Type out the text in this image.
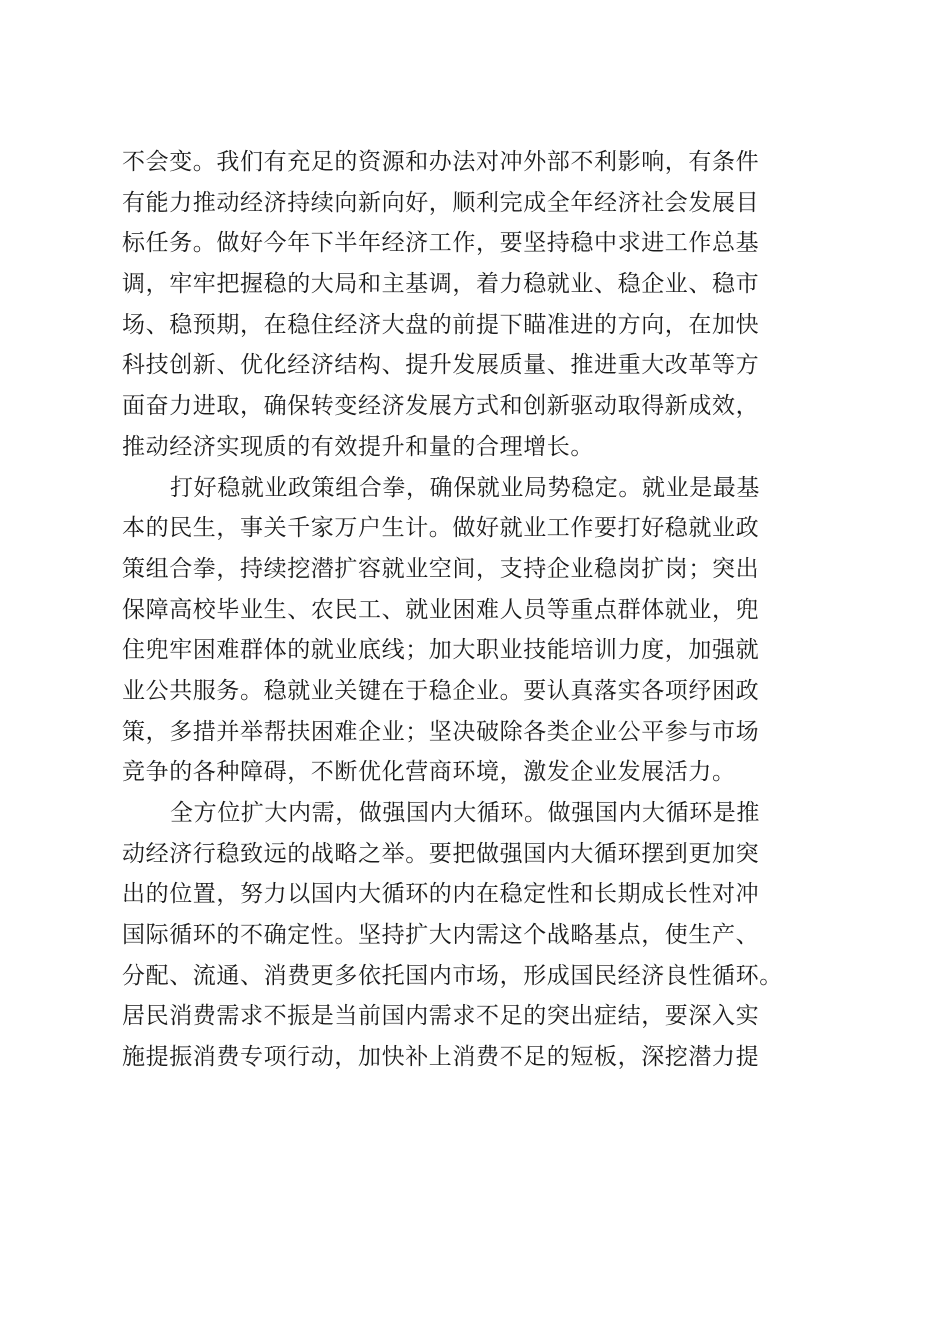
不会变。我们有充足的资源和办法对冲外部不利影响，有条件
有能力推动经济持续向新向好，顺利完成全年经济社会发展目
标任务。做好今年下半年经济工作，要坚持稳中求进工作总基
调，牢牢把握稳的大局和主基调，着力稳就业、稳企业、稳市
场、稳预期，在稳住经济大盘的前提下瞄准进的方向，在加快
科技创新、优化经济结构、提升发展质量、推进重大改革等方
面奋力进取，确保转变经济发展方式和创新驱动取得新成效，
推动经济实现质的有效提升和量的合理增长。
打好稳就业政策组合拳，确保就业局势稳定。就业是最基
本的民生，事关千家万户生计。做好就业工作要打好稳就业政
策组合拳，持续挖潜扩容就业空间，支持企业稳岗扩岗；突出
保障高校毕业生、农民工、就业困难人员等重点群体就业，兜
住兜牢困难群体的就业底线；加大职业技能培训力度，加强就
业公共服务。稳就业关键在于稳企业。要认真落实各项纾困政
策，多措并举帮扶困难企业；坚决破除各类企业公平参与市场
竞争的各种障碍，不断优化营商环境，激发企业发展活力。
全方位扩大内需，做强国内大循环。做强国内大循环是推
动经济行稳致远的战略之举。要把做强国内大循环摆到更加突
出的位置，努力以国内大循环的内在稳定性和长期成长性对冲
国际循环的不确定性。坚持扩大内需这个战略基点，使生产、
分配、流通、消费更多依托国内市场，形成国民经济良性循环。
居民消费需求不振是当前国内需求不足的突出症结，要深入实
施提振消费专项行动，加快补上消费不足的短板，深挖潜力提
